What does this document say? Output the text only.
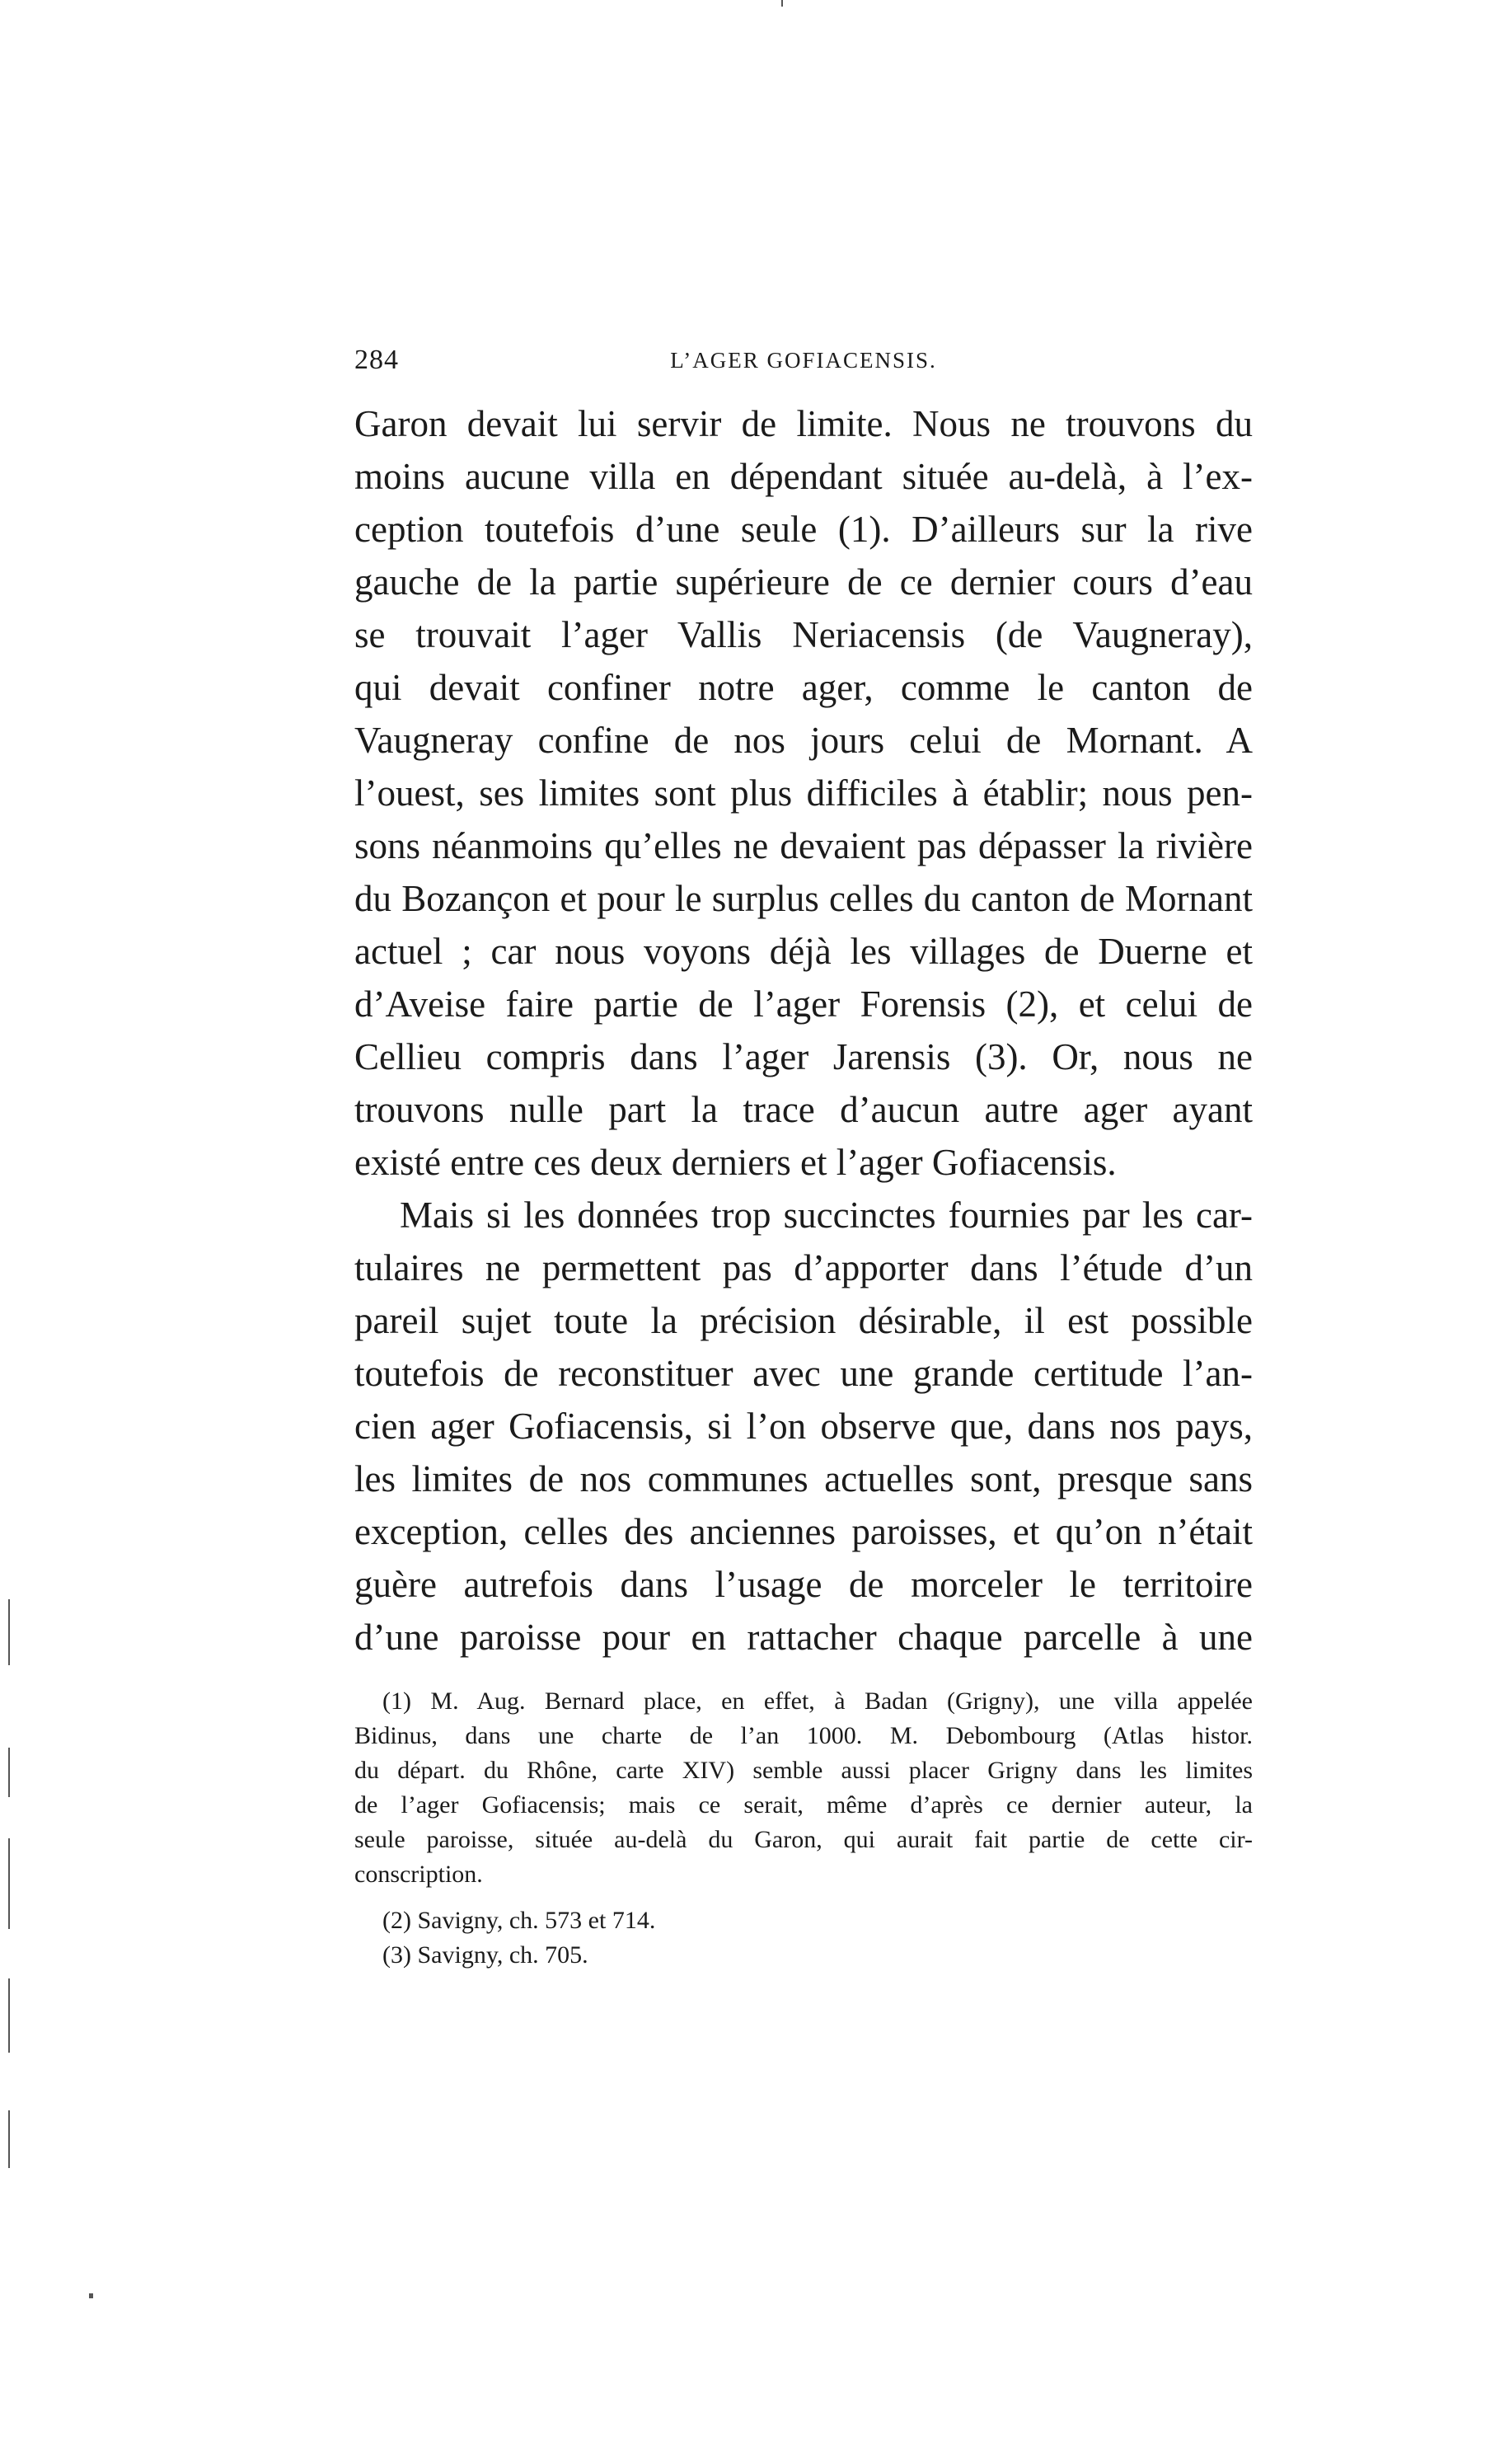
284	L’AGER GOFIACENSIS.
Garon devait lui servir de limite. Nous ne trouvons du
moins aucune villa en dépendant située au-delà, à l’ex-
ception toutefois d’une seule (1). D’ailleurs sur la rive
gauche de la partie supérieure de ce dernier cours d’eau
se trouvait l’ager Vallis Neriacensis (de Vaugneray),
qui devait confiner notre ager, comme le canton de
Vaugneray confine de nos jours celui de Mornant. A
l’ouest, ses limites sont plus difficiles à établir; nous pen-
sons néanmoins qu’elles ne devaient pas dépasser la rivière
du Bozançon et pour le surplus celles du canton de Mornant
actuel ; car nous voyons déjà les villages de Duerne et
d’Aveise faire partie de l’ager Forensis (2), et celui de
Cellieu compris dans l’ager Jarensis (3). Or, nous ne
trouvons nulle part la trace d’aucun autre ager ayant
existé entre ces deux derniers et l’ager Gofiacensis.
Mais si les données trop succinctes fournies par les car-
tulaires ne permettent pas d’apporter dans l’étude d’un
pareil sujet toute la précision désirable, il est possible
toutefois de reconstituer avec une grande certitude l’an-
cien ager Gofiacensis, si l’on observe que, dans nos pays,
les limites de nos communes actuelles sont, presque sans
exception, celles des anciennes paroisses, et qu’on n’était
guère autrefois dans l’usage de morceler le territoire
d’une paroisse pour en rattacher chaque parcelle à une
(1) M. Aug. Bernard place, en effet, à Badan (Grigny), une villa appelée
Bidinus, dans une charte de l’an 1000. M. Debombourg (Atlas histor.
du départ. du Rhône, carte XIV) semble aussi placer Grigny dans les limites
de l’ager Gofiacensis; mais ce serait, même d’après ce dernier auteur, la
seule paroisse, située au-delà du Garon, qui aurait fait partie de cette cir-
conscription.
(2) Savigny, ch. 573 et 714.
(3) Savigny, ch. 705.
